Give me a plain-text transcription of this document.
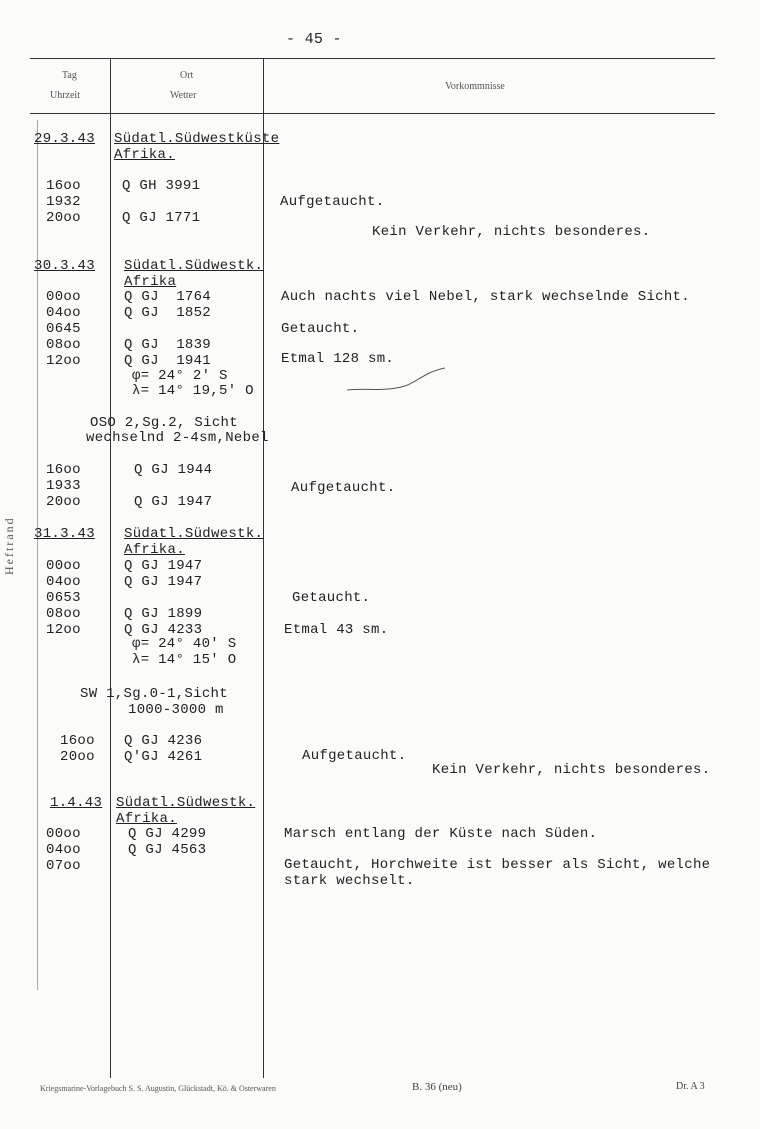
- 45 -
Tag
Uhrzeit
Ort
Wetter
Vorkommnisse
Heftrand
29.3.43 Südatl.Südwestküste
Afrika.
16oo
1932
20oo
Q GH 3991
Q GJ 1771
Aufgetaucht.
Kein Verkehr, nichts besonderes.
30.3.43 Südatl.Südwestk.
Afrika
00oo
04oo
0645
08oo
12oo
Q GJ  1764
Q GJ  1852
Q GJ  1839
Q GJ  1941
φ= 24° 2' S
λ= 14° 19,5' O
OSO 2,Sg.2, Sicht
wechselnd 2-4sm,Nebel
16oo
1933
20oo
Q GJ 1944
Q GJ 1947
Auch nachts viel Nebel, stark wechselnde Sicht.
Getaucht.
Etmal 128 sm.
Aufgetaucht.
31.3.43 Südatl.Südwestk.
Afrika.
00oo
04oo
0653
08oo
12oo
Q GJ 1947
Q GJ 1947
Q GJ 1899
Q GJ 4233
φ= 24° 40' S
λ= 14° 15' O
SW 1,Sg.0-1,Sicht
1000-3000 m
16oo
20oo
Q GJ 4236
Q'GJ 4261
Getaucht.
Etmal 43 sm.
Aufgetaucht.
Kein Verkehr, nichts besonderes.
1.4.43 Südatl.Südwestk.
Afrika.
00oo
04oo
07oo
Q GJ 4299
Q GJ 4563
Marsch entlang der Küste nach Süden.
Getaucht, Horchweite ist besser als Sicht, welche
stark wechselt.
Kriegsmarine-Vorlagebuch S. S. Augustin, Glückstadt, Kö. & Osterwaren	B. 36 (neu)	Dr. A 3
